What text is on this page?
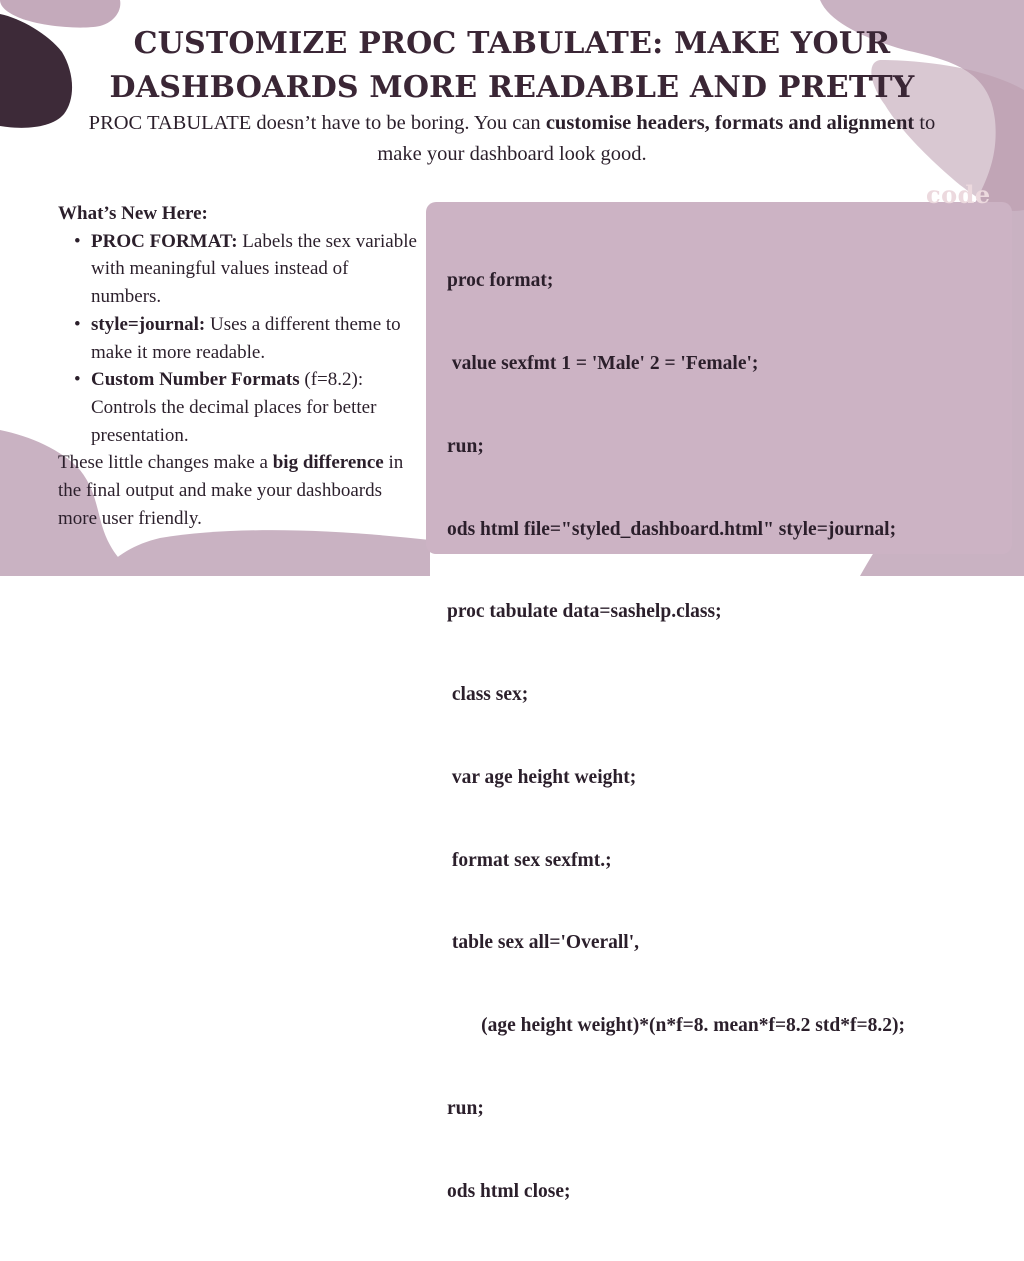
CUSTOMIZE PROC TABULATE: MAKE YOUR
DASHBOARDS MORE READABLE AND PRETTY
PROC TABULATE doesn’t have to be boring. You can customise headers, formats and alignment to make your dashboard look good.
What’s New Here:
• PROC FORMAT: Labels the sex variable with meaningful values instead of numbers.
• style=journal: Uses a different theme to make it more readable.
• Custom Number Formats (f=8.2): Controls the decimal places for better presentation.
These little changes make a big difference in the final output and make your dashboards more user friendly.
code

proc format;

value sexfmt 1 = 'Male' 2 = 'Female';

run;

ods html file="styled_dashboard.html" style=journal;

proc tabulate data=sashelp.class;

class sex;

var age height weight;

format sex sexfmt.;

table sex all='Overall',

(age height weight)*(n*f=8. mean*f=8.2 std*f=8.2);

run;

ods html close;
